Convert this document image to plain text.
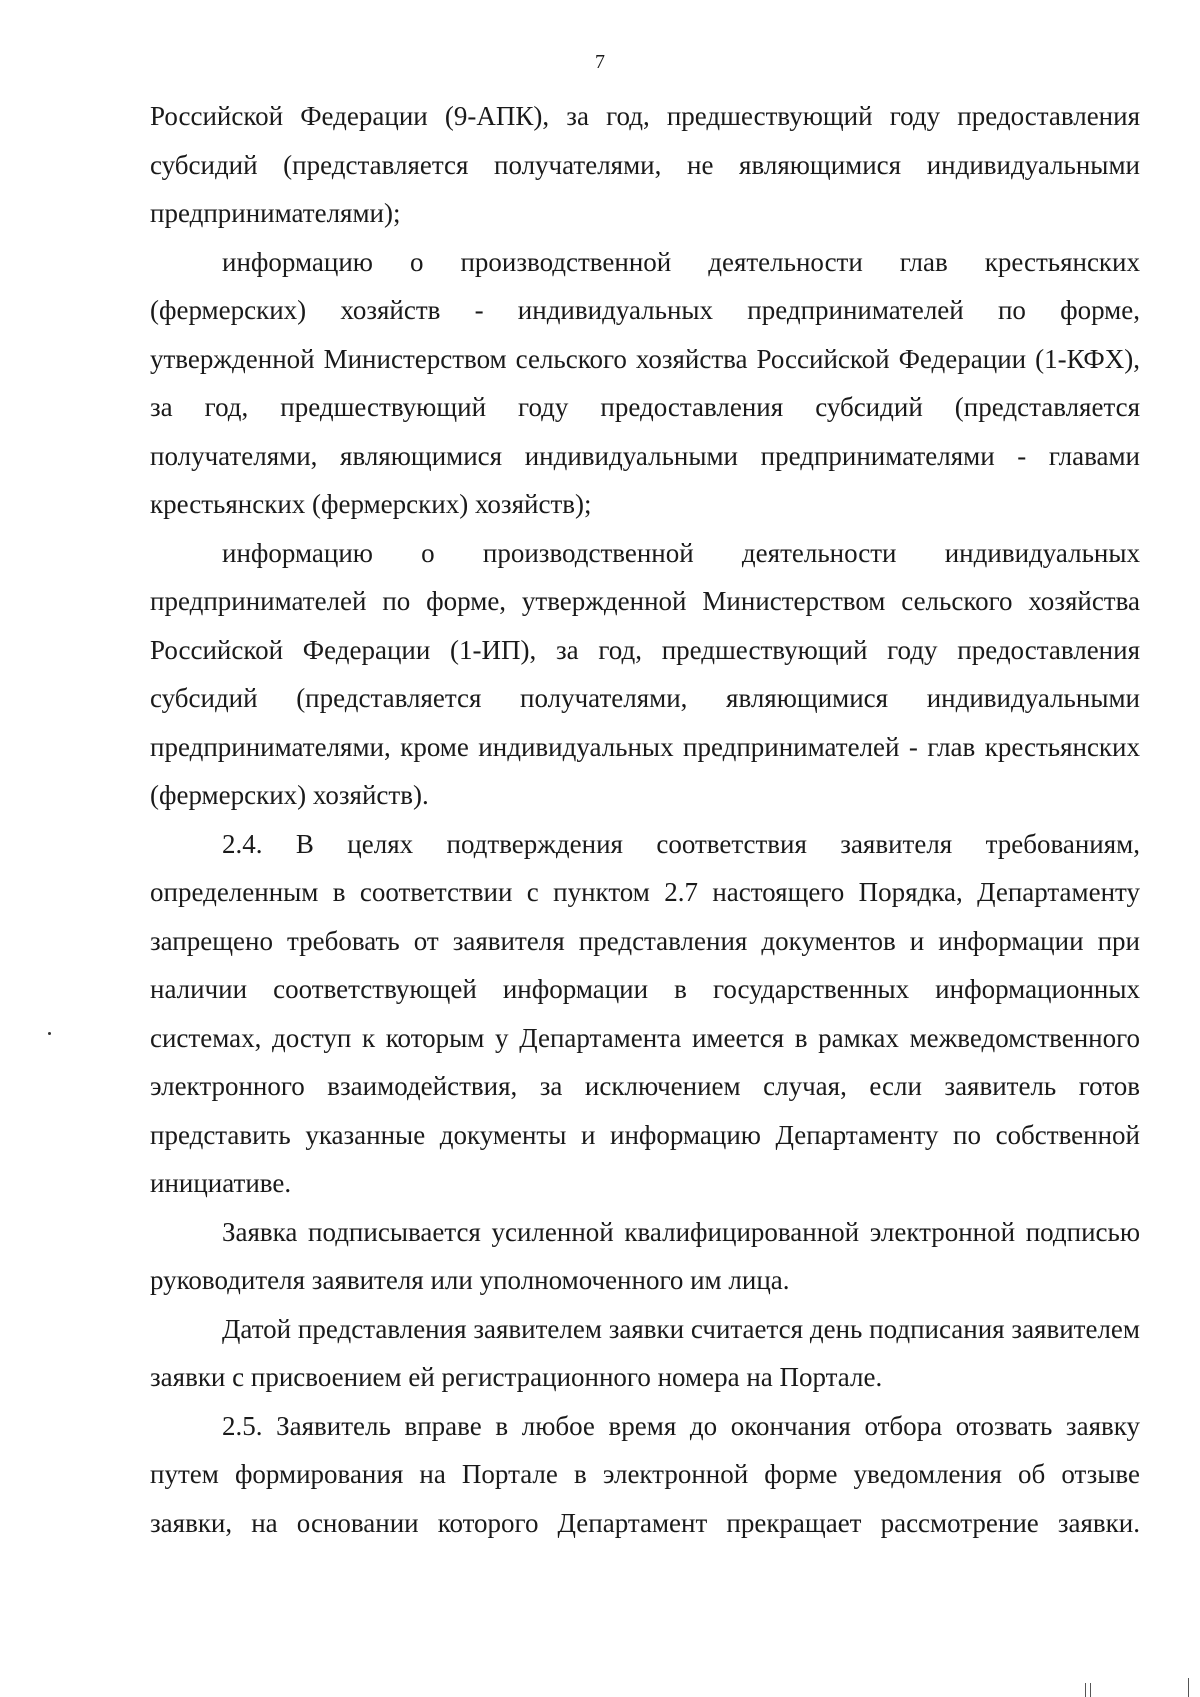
7

Российской Федерации (9-АПК), за год, предшествующий году предоставления субсидий (представляется получателями, не являющимися индивидуальными предпринимателями);

информацию о производственной деятельности глав крестьянских (фермерских) хозяйств - индивидуальных предпринимателей по форме, утвержденной Министерством сельского хозяйства Российской Федерации (1-КФХ), за год, предшествующий году предоставления субсидий (представляется получателями, являющимися индивидуальными предпринимателями - главами крестьянских (фермерских) хозяйств);

информацию о производственной деятельности индивидуальных предпринимателей по форме, утвержденной Министерством сельского хозяйства Российской Федерации (1-ИП), за год, предшествующий году предоставления субсидий (представляется получателями, являющимися индивидуальными предпринимателями, кроме индивидуальных предпринимателей - глав крестьянских (фермерских) хозяйств).

2.4. В целях подтверждения соответствия заявителя требованиям, определенным в соответствии с пунктом 2.7 настоящего Порядка, Департаменту запрещено требовать от заявителя представления документов и информации при наличии соответствующей информации в государственных информационных системах, доступ к которым у Департамента имеется в рамках межведомственного электронного взаимодействия, за исключением случая, если заявитель готов представить указанные документы и информацию Департаменту по собственной инициативе.

Заявка подписывается усиленной квалифицированной электронной подписью руководителя заявителя или уполномоченного им лица.

Датой представления заявителем заявки считается день подписания заявителем заявки с присвоением ей регистрационного номера на Портале.

2.5. Заявитель вправе в любое время до окончания отбора отозвать заявку путем формирования на Портале в электронной форме уведомления об отзыве заявки, на основании которого Департамент прекращает рассмотрение заявки.
